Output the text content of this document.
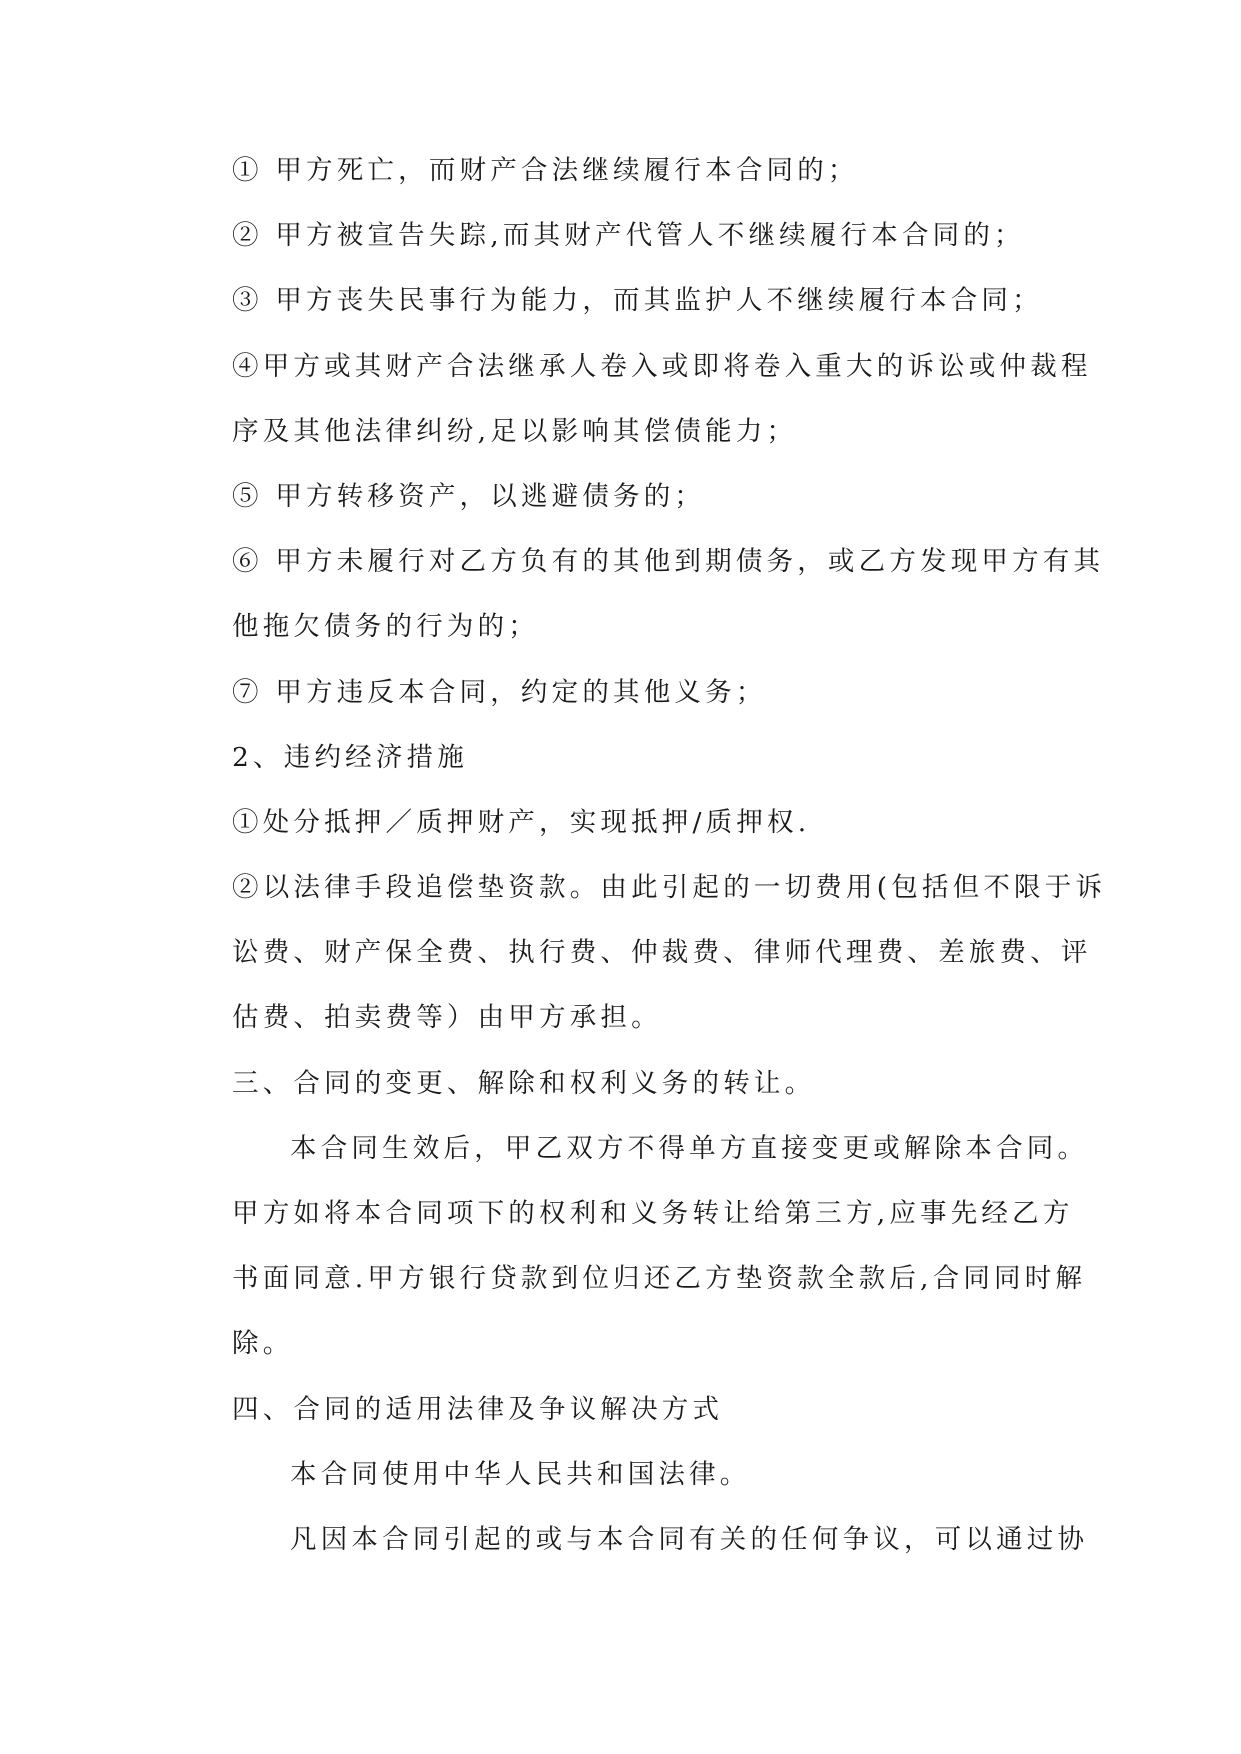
① 甲方死亡，而财产合法继续履行本合同的；
② 甲方被宣告失踪,而其财产代管人不继续履行本合同的；
③ 甲方丧失民事行为能力，而其监护人不继续履行本合同；
④甲方或其财产合法继承人卷入或即将卷入重大的诉讼或仲裁程
序及其他法律纠纷,足以影响其偿债能力；
⑤ 甲方转移资产，以逃避债务的；
⑥ 甲方未履行对乙方负有的其他到期债务，或乙方发现甲方有其
他拖欠债务的行为的；
⑦ 甲方违反本合同，约定的其他义务；
2、违约经济措施
①处分抵押／质押财产，实现抵押/质押权.
②以法律手段追偿垫资款。由此引起的一切费用(包括但不限于诉
讼费、财产保全费、执行费、仲裁费、律师代理费、差旅费、评
估费、拍卖费等）由甲方承担。
三、合同的变更、解除和权利义务的转让。
本合同生效后，甲乙双方不得单方直接变更或解除本合同。
甲方如将本合同项下的权利和义务转让给第三方,应事先经乙方
书面同意.甲方银行贷款到位归还乙方垫资款全款后,合同同时解
除。
四、合同的适用法律及争议解决方式
本合同使用中华人民共和国法律。
凡因本合同引起的或与本合同有关的任何争议，可以通过协
